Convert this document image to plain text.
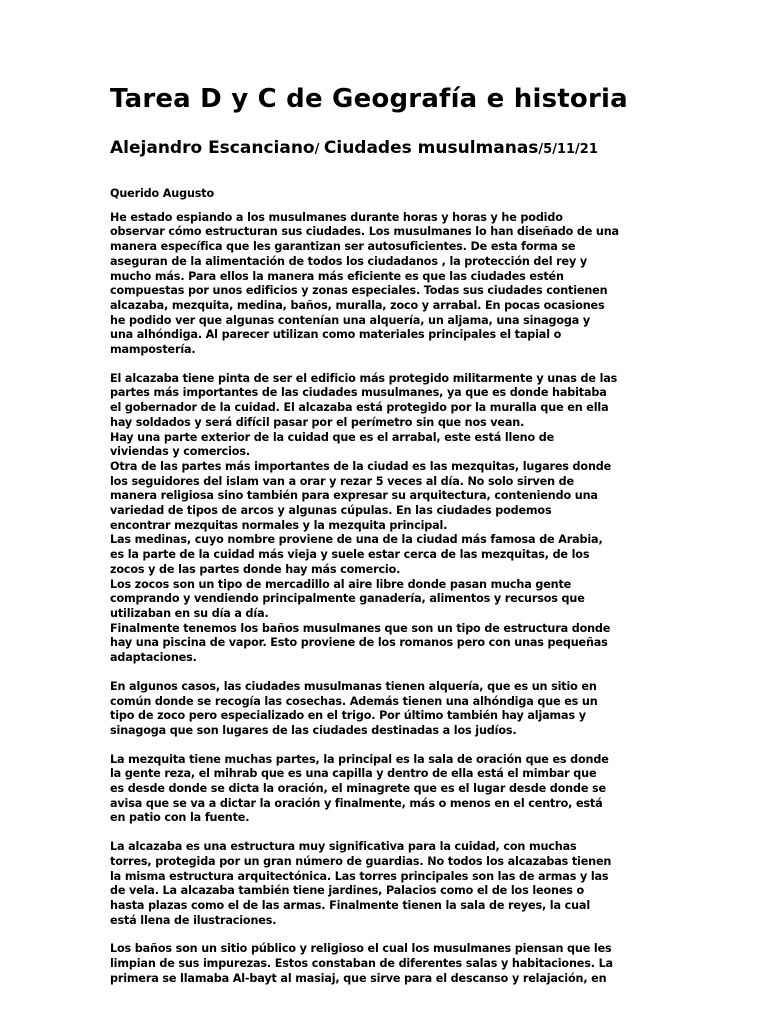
Tarea D y C de Geografía e historia
Alejandro Escanciano/ Ciudades musulmanas/5/11/21

Querido Augusto

He estado espiando a los musulmanes durante horas y horas y he podido
observar cómo estructuran sus ciudades. Los musulmanes lo han diseñado de una
manera específica que les garantizan ser autosuficientes. De esta forma se
aseguran de la alimentación de todos los ciudadanos , la protección del rey y
mucho más. Para ellos la manera más eficiente es que las ciudades estén
compuestas por unos edificios y zonas especiales. Todas sus ciudades contienen
alcazaba, mezquita, medina, baños, muralla, zoco y arrabal. En pocas ocasiones
he podido ver que algunas contenían una alquería, un aljama, una sinagoga y
una alhóndiga. Al parecer utilizan como materiales principales el tapial o
mampostería.

El alcazaba tiene pinta de ser el edificio más protegido militarmente y unas de las
partes más importantes de las ciudades musulmanes, ya que es donde habitaba
el gobernador de la cuidad. El alcazaba está protegido por la muralla que en ella
hay soldados y será difícil pasar por el perímetro sin que nos vean.
Hay una parte exterior de la cuidad que es el arrabal, este está lleno de
viviendas y comercios.
Otra de las partes más importantes de la ciudad es las mezquitas, lugares donde
los seguidores del islam van a orar y rezar 5 veces al día. No solo sirven de
manera religiosa sino también para expresar su arquitectura, conteniendo una
variedad de tipos de arcos y algunas cúpulas. En las ciudades podemos
encontrar mezquitas normales y la mezquita principal.
Las medinas, cuyo nombre proviene de una de la ciudad más famosa de Arabia,
es la parte de la cuidad más vieja y suele estar cerca de las mezquitas, de los
zocos y de las partes donde hay más comercio.
Los zocos son un tipo de mercadillo al aire libre donde pasan mucha gente
comprando y vendiendo principalmente ganadería, alimentos y recursos que
utilizaban en su día a día.
Finalmente tenemos los baños musulmanes que son un tipo de estructura donde
hay una piscina de vapor. Esto proviene de los romanos pero con unas pequeñas
adaptaciones.

En algunos casos, las ciudades musulmanas tienen alquería, que es un sitio en
común donde se recogía las cosechas. Además tienen una alhóndiga que es un
tipo de zoco pero especializado en el trigo. Por último también hay aljamas y
sinagoga que son lugares de las ciudades destinadas a los judíos.

La mezquita tiene muchas partes, la principal es la sala de oración que es donde
la gente reza, el mihrab que es una capilla y dentro de ella está el mimbar que
es desde donde se dicta la oración, el minagrete que es el lugar desde donde se
avisa que se va a dictar la oración y finalmente, más o menos en el centro, está
en patio con la fuente.

La alcazaba es una estructura muy significativa para la cuidad, con muchas
torres, protegida por un gran número de guardias. No todos los alcazabas tienen
la misma estructura arquitectónica. Las torres principales son las de armas y las
de vela. La alcazaba también tiene jardines, Palacios como el de los leones o
hasta plazas como el de las armas. Finalmente tienen la sala de reyes, la cual
está llena de ilustraciones.

Los baños son un sitio público y religioso el cual los musulmanes piensan que les
limpian de sus impurezas. Estos constaban de diferentes salas y habitaciones. La
primera se llamaba Al-bayt al masiaj, que sirve para el descanso y relajación, en
